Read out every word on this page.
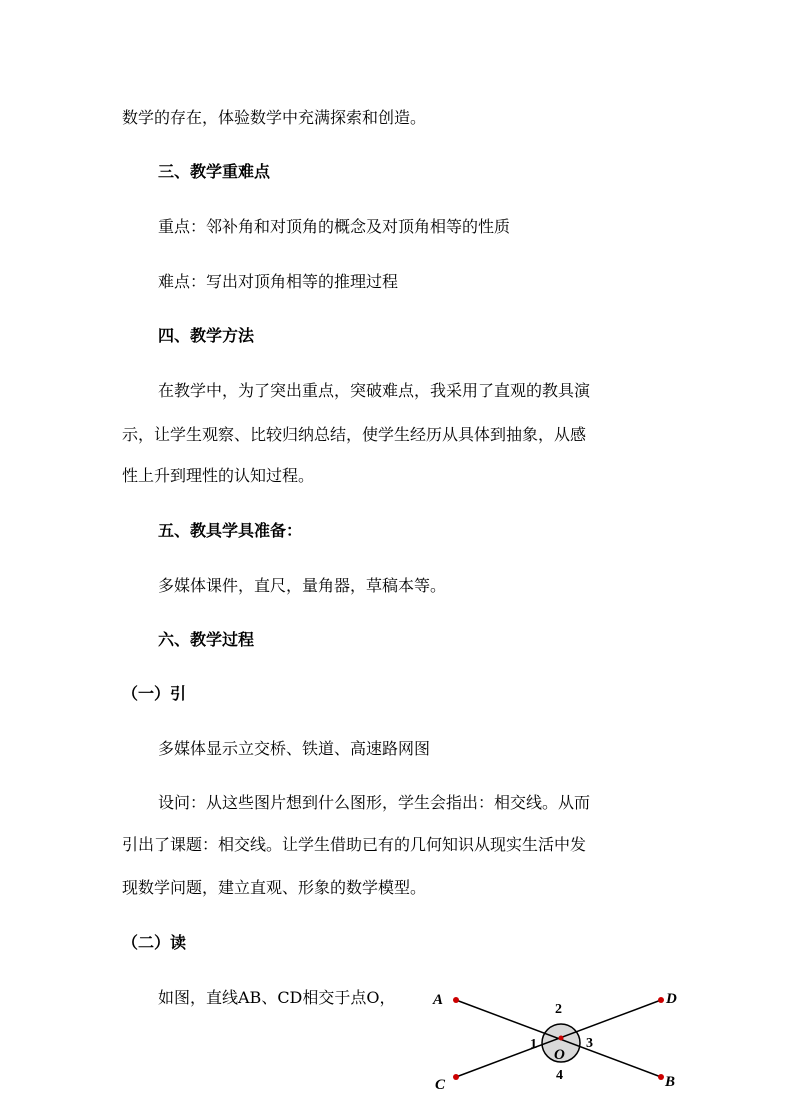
数学的存在，体验数学中充满探索和创造。
三、教学重难点
重点：邻补角和对顶角的概念及对顶角相等的性质
难点：写出对顶角相等的推理过程
四、教学方法
在教学中，为了突出重点，突破难点，我采用了直观的教具演
示，让学生观察、比较归纳总结，使学生经历从具体到抽象，从感
性上升到理性的认知过程。
五、教具学具准备：
多媒体课件，直尺，量角器，草稿本等。
六、教学过程
（一）引
多媒体显示立交桥、铁道、高速路网图
设问：从这些图片想到什么图形，学生会指出：相交线。从而
引出了课题：相交线。让学生借助已有的几何知识从现实生活中发
现数学问题，建立直观、形象的数学模型。
（二）读
如图，直线AB、CD相交于点O， A	D
C	B
O
2
1	3
4
